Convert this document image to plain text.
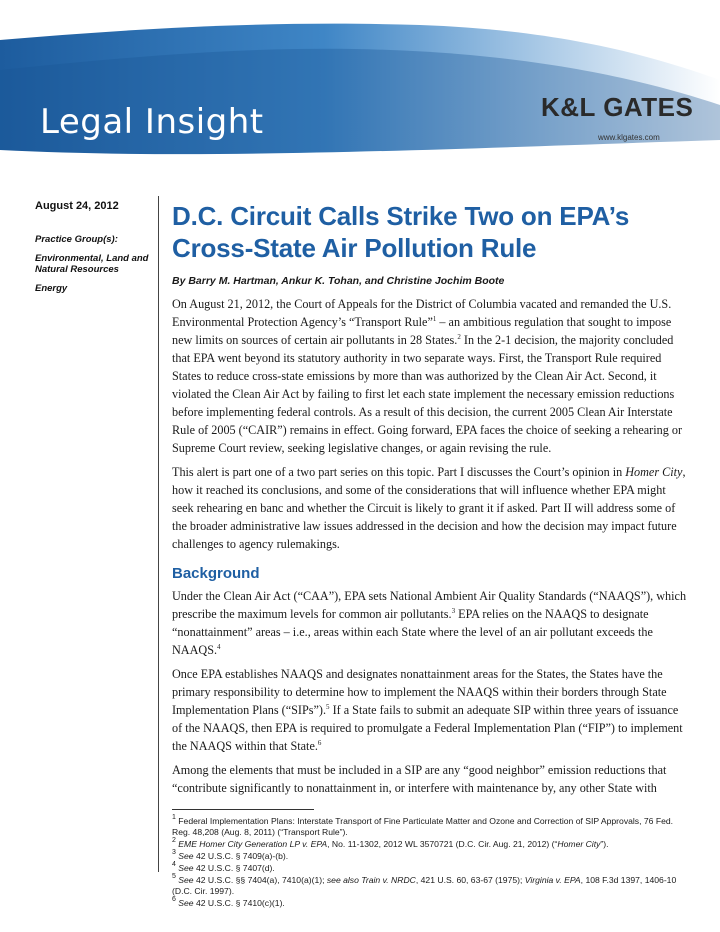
Legal Insight	K&L GATES
www.klgates.com
August 24, 2012
Practice Group(s):
Environmental, Land and Natural Resources
Energy
D.C. Circuit Calls Strike Two on EPA’s Cross-State Air Pollution Rule
By Barry M. Hartman, Ankur K. Tohan, and Christine Jochim Boote

On August 21, 2012, the Court of Appeals for the District of Columbia vacated and remanded the U.S. Environmental Protection Agency’s “Transport Rule”$^1$ – an ambitious regulation that sought to impose new limits on sources of certain air pollutants in 28 States.$^2$ In the 2-1 decision, the majority concluded that EPA went beyond its statutory authority in two separate ways. First, the Transport Rule required States to reduce cross-state emissions by more than was authorized by the Clean Air Act. Second, it violated the Clean Air Act by failing to first let each state implement the necessary emission reductions before implementing federal controls. As a result of this decision, the current 2005 Clean Air Interstate Rule of 2005 (“CAIR”) remains in effect. Going forward, EPA faces the choice of seeking a rehearing or Supreme Court review, seeking legislative changes, or again revising the rule.

This alert is part one of a two part series on this topic. Part I discusses the Court’s opinion in Homer City, how it reached its conclusions, and some of the considerations that will influence whether EPA might seek rehearing en banc and whether the Circuit is likely to grant it if asked. Part II will address some of the broader administrative law issues addressed in the decision and how the decision may impact future challenges to agency rulemakings.

Background

Under the Clean Air Act (“CAA”), EPA sets National Ambient Air Quality Standards (“NAAQS”), which prescribe the maximum levels for common air pollutants.$^3$ EPA relies on the NAAQS to designate “nonattainment” areas – i.e., areas within each State where the level of an air pollutant exceeds the NAAQS.$^4$

Once EPA establishes NAAQS and designates nonattainment areas for the States, the States have the primary responsibility to determine how to implement the NAAQS within their borders through State Implementation Plans (“SIPs”).$^5$ If a State fails to submit an adequate SIP within three years of issuance of the NAAQS, then EPA is required to promulgate a Federal Implementation Plan (“FIP”) to implement the NAAQS within that State.$^6$

Among the elements that must be included in a SIP are any “good neighbor” emission reductions that “contribute significantly to nonattainment in, or interfere with maintenance by, any other State with

$^1$ Federal Implementation Plans: Interstate Transport of Fine Particulate Matter and Ozone and Correction of SIP Approvals, 76 Fed. Reg. 48,208 (Aug. 8, 2011) (“Transport Rule”).

$^2$ EME Homer City Generation LP v. EPA, No. 11-1302, 2012 WL 3570721 (D.C. Cir. Aug. 21, 2012) (“Homer City”).

$^3$ See 42 U.S.C. § 7409(a)-(b).

$^4$ See 42 U.S.C. § 7407(d).

$^5$ See 42 U.S.C. §§ 7404(a), 7410(a)(1); see also Train v. NRDC, 421 U.S. 60, 63-67 (1975); Virginia v. EPA, 108 F.3d 1397, 1406-10 (D.C. Cir. 1997).

$^6$ See 42 U.S.C. § 7410(c)(1).
